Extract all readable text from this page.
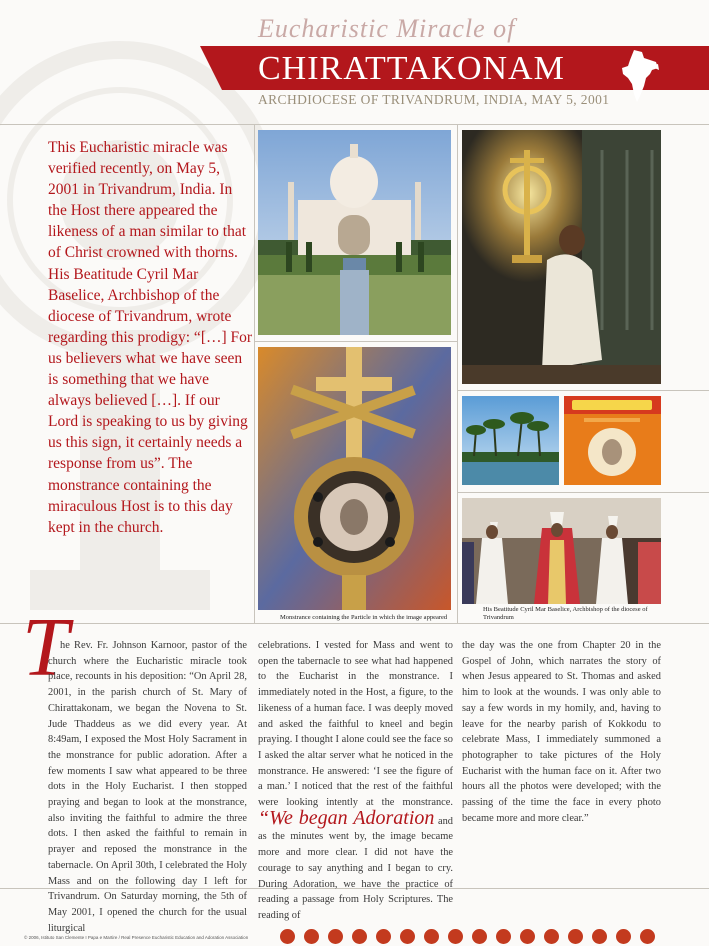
Eucharistic Miracle of
CHIRATTAKONAM
ARCHDIOCESE OF TRIVANDRUM, INDIA, MAY 5, 2001
This Eucharistic miracle was verified recently, on May 5, 2001 in Trivandrum, India. In the Host there appeared the likeness of a man similar to that of Christ crowned with thorns. His Beatitude Cyril Mar Baselice, Archbishop of the diocese of Trivandrum, wrote regarding this prodigy: “[…] For us believers what we have seen is something that we have always believed […]. If our Lord is speaking to us by giving us this sign, it certainly needs a response from us”. The monstrance containing the miraculous Host is to this day kept in the church.
Monstrance containing the Particle in which the image appeared
His Beatitude Cyril Mar Baselice, Archbishop of the diocese of Trivandrum
T
he Rev. Fr. Johnson Karnoor, pastor of the church where the Eucharistic miracle took place, recounts in his deposition: “On April 28, 2001, in the parish church of St. Mary of Chirattakonam, we began the Novena to St. Jude Thaddeus as we did every year. At 8:49am, I exposed the Most Holy Sacrament in the monstrance for public adoration. After a few moments I saw what appeared to be three dots in the Holy Eucharist. I then stopped praying and began to look at the monstrance, also inviting the faithful to admire the three dots. I then asked the faithful to remain in prayer and reposed the monstrance in the tabernacle. On April 30th, I celebrated the Holy Mass and on the following day I left for Trivandrum. On Saturday morning, the 5th of May 2001, I opened the church for the usual liturgical
celebrations. I vested for Mass and went to open the tabernacle to see what had happened to the Eucharist in the monstrance. I immediately noted in the Host, a figure, to the likeness of a human face. I was deeply moved and asked the faithful to kneel and begin praying. I thought I alone could see the face so I asked the altar server what he noticed in the monstrance. He answered: ‘I see the figure of a man.’ I noticed that the rest of the faithful were looking intently at the monstrance. “We began Adoration and as the minutes went by, the image became more and more clear. I did not have the courage to say anything and I began to cry. During Adoration, we have the practice of reading a passage from Holy Scriptures. The reading of
the day was the one from Chapter 20 in the Gospel of John, which narrates the story of when Jesus appeared to St. Thomas and asked him to look at the wounds. I was only able to say a few words in my homily, and, having to leave for the nearby parish of Kokkodu to celebrate Mass, I immediately summoned a photographer to take pictures of the Holy Eucharist with the human face on it. After two hours all the photos were developed; with the passing of the time the face in every photo became more and more clear.”
© 2006, Istituto San Clemente I Papa e Martire / Real Presence Eucharistic Education and Adoration Association
